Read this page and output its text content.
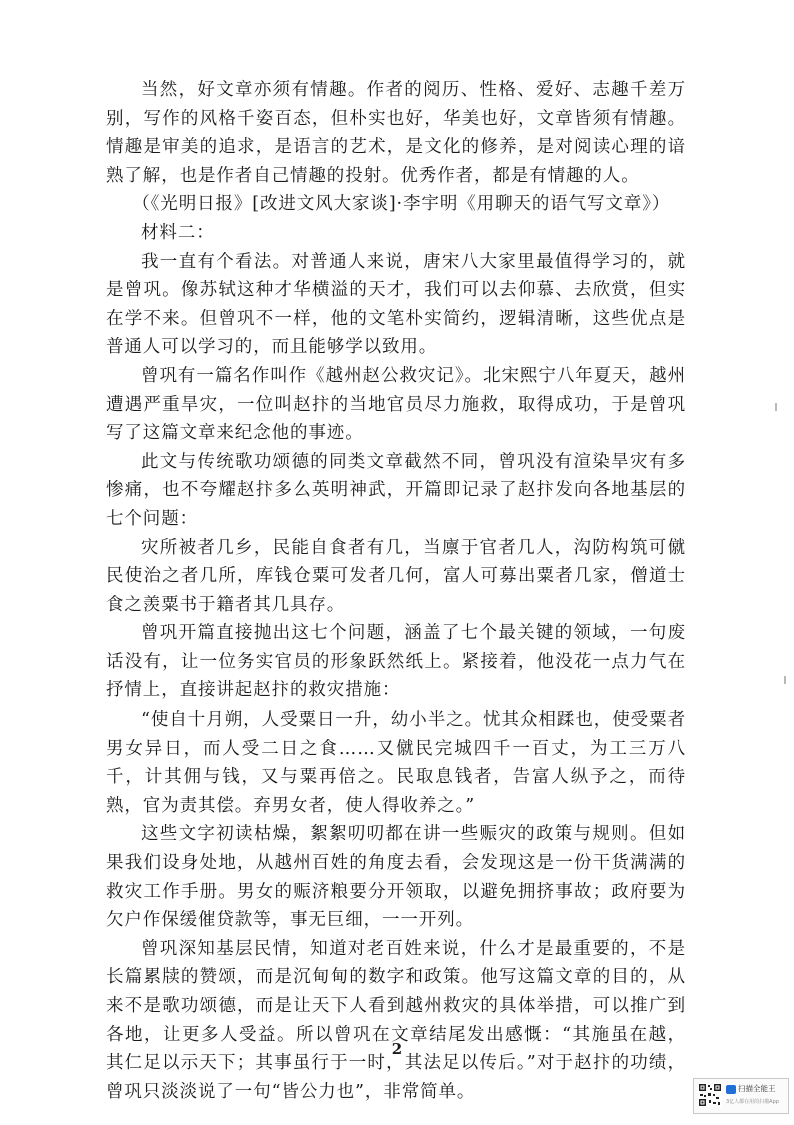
当然，好文章亦须有情趣。作者的阅历、性格、爱好、志趣千差万别，写作的风格千姿百态，但朴实也好，华美也好，文章皆须有情趣。情趣是审美的追求，是语言的艺术，是文化的修养，是对阅读心理的谙熟了解，也是作者自己情趣的投射。优秀作者，都是有情趣的人。

（《光明日报》[改进文风大家谈]·李宇明《用聊天的语气写文章》）

材料二：

我一直有个看法。对普通人来说，唐宋八大家里最值得学习的，就是曾巩。像苏轼这种才华横溢的天才，我们可以去仰慕、去欣赏，但实在学不来。但曾巩不一样，他的文笔朴实简约，逻辑清晰，这些优点是普通人可以学习的，而且能够学以致用。

曾巩有一篇名作叫作《越州赵公救灾记》。北宋熙宁八年夏天，越州遭遇严重旱灾，一位叫赵抃的当地官员尽力施救，取得成功，于是曾巩写了这篇文章来纪念他的事迹。

此文与传统歌功颂德的同类文章截然不同，曾巩没有渲染旱灾有多惨痛，也不夸耀赵抃多么英明神武，开篇即记录了赵抃发向各地基层的七个问题：

灾所被者几乡，民能自食者有几，当廪于官者几人，沟防构筑可僦民使治之者几所，库钱仓粟可发者几何，富人可募出粟者几家，僧道士食之羡粟书于籍者其几具存。

曾巩开篇直接抛出这七个问题，涵盖了七个最关键的领域，一句废话没有，让一位务实官员的形象跃然纸上。紧接着，他没花一点力气在抒情上，直接讲起赵抃的救灾措施：

“使自十月朔，人受粟日一升，幼小半之。忧其众相蹂也，使受粟者男女异日，而人受二日之食……又僦民完城四千一百丈，为工三万八千，计其佣与钱，又与粟再倍之。民取息钱者，告富人纵予之，而待熟，官为责其偿。弃男女者，使人得收养之。”

这些文字初读枯燥，絮絮叨叨都在讲一些赈灾的政策与规则。但如果我们设身处地，从越州百姓的角度去看，会发现这是一份干货满满的救灾工作手册。男女的赈济粮要分开领取，以避免拥挤事故；政府要为欠户作保缓催贷款等，事无巨细，一一开列。

曾巩深知基层民情，知道对老百姓来说，什么才是最重要的，不是长篇累牍的赞颂，而是沉甸甸的数字和政策。他写这篇文章的目的，从来不是歌功颂德，而是让天下人看到越州救灾的具体举措，可以推广到各地，让更多人受益。所以曾巩在文章结尾发出感慨：“其施虽在越，其仁足以示天下；其事虽行于一时，其法足以传后。”对于赵抃的功绩，曾巩只淡淡说了一句“皆公力也”，非常简单。

2
扫描全能王
3亿人都在用的扫描App
